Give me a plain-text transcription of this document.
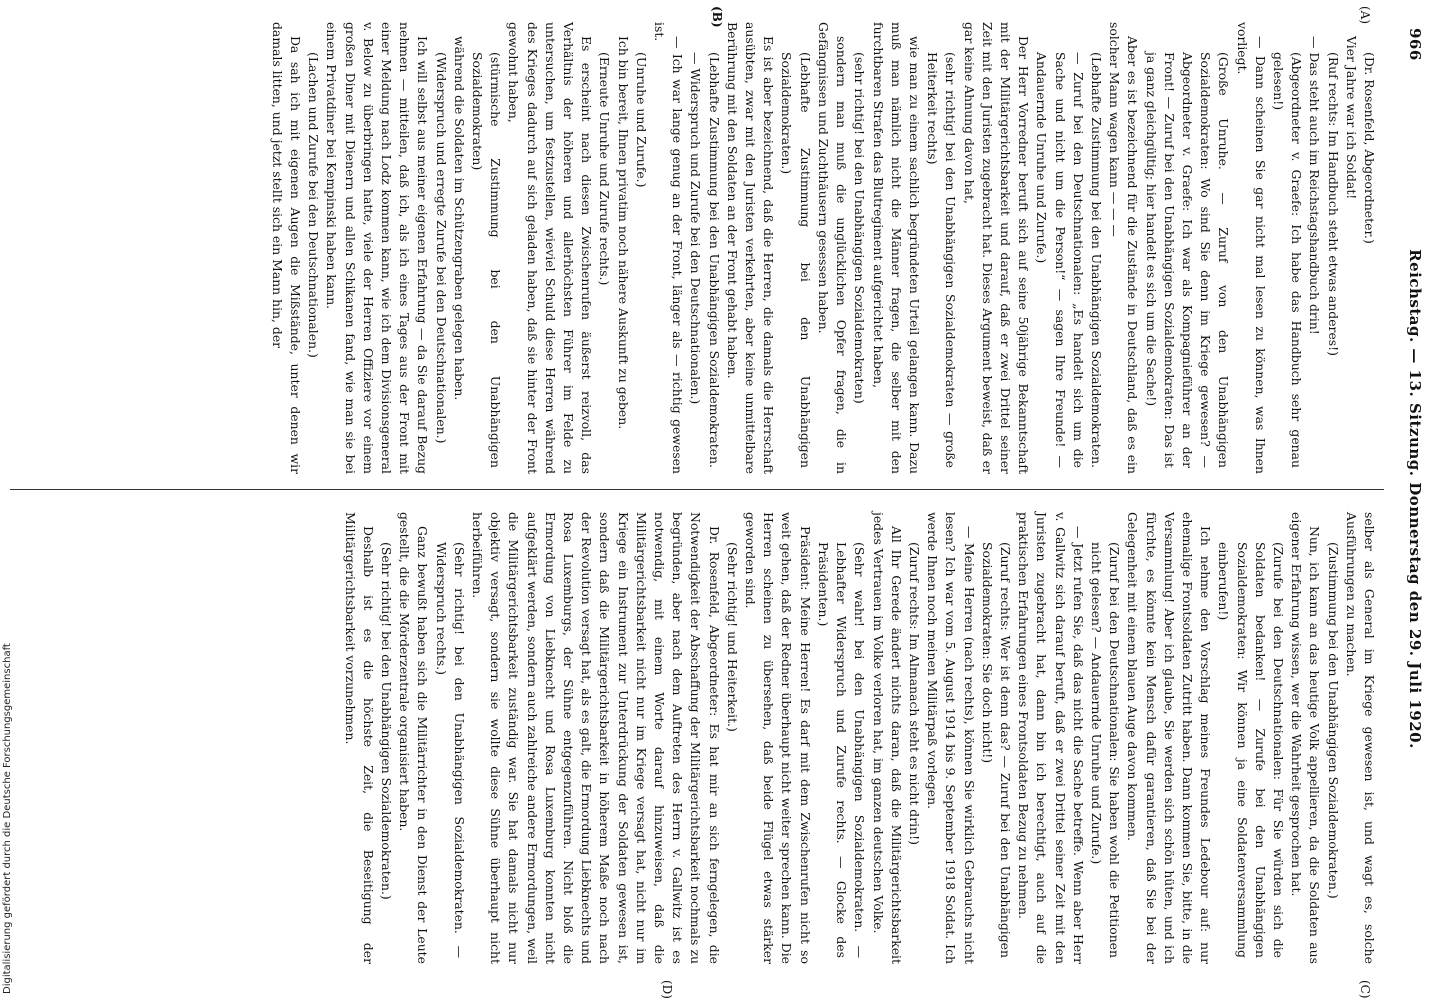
966
Reichstag. — 13. Sitzung. Donnerstag den 29. Juli 1920.
(A)
(B)
(C)
(D)

(Dr. Rosenfeld, Abgeordneter.)

Vier Jahre war ich Soldat!

(Ruf rechts: Im Handbuch steht etwas anderes!)

— Das steht auch im Reichstagshandbuch drin!

(Abgeordneter v. Graefe: Ich habe das Handbuch sehr genau gelesen!)

— Dann scheinen Sie gar nicht mal lesen zu können, was Ihnen vorliegt.

(Große Unruhe. — Zuruf von den Unabhängigen Sozialdemokraten: Wo sind Sie denn im Kriege gewesen? — Abgeordneter v. Graefe: Ich war als Kompagnieführer an der Front! — Zuruf bei den Unabhängigen Sozialdemokraten: Das ist ja ganz gleichgültig; hier handelt es sich um die Sache!)

Aber es ist bezeichnend für die Zustände in Deutschland, daß es ein solcher Mann wagen kann — — —

(Lebhafte Zustimmung bei den Unabhängigen Sozialdemokraten. — Zuruf bei den Deutschnationalen: „Es handelt sich um die Sache und nicht um die Person!“ — sagen Ihre Freunde! — Andauernde Unruhe und Zurufe.)

Der Herr Vorredner beruft sich auf seine 50jährige Bekanntschaft mit der Militärgerichtsbarkeit und darauf, daß er zwei Drittel seiner Zeit mit den Juristen zugebracht hat. Dieses Argument beweist, daß er gar keine Ahnung davon hat,

(sehr richtig! bei den Unabhängigen Sozialdemokraten — große Heiterkeit rechts)

wie man zu einem sachlich begründeten Urteil gelangen kann. Dazu muß man nämlich nicht die Männer fragen, die selber mit den furchtbaren Strafen das Blutregiment aufgerichtet haben,

(sehr richtig! bei den Unabhängigen Sozialdemokraten)

sondern man muß die unglücklichen Opfer fragen, die in Gefängnissen und Zuchthäusern gesessen haben.

(Lebhafte Zustimmung bei den Unabhängigen Sozialdemokraten.)

Es ist aber bezeichnend, daß die Herren, die damals die Herrschaft ausübten, zwar mit den Juristen verkehrten, aber keine unmittelbare Berührung mit den Soldaten an der Front gehabt haben.

(Lebhafte Zustimmung bei den Unabhängigen Sozialdemokraten. — Widerspruch und Zurufe bei den Deutschnationalen.)

— Ich war lange genug an der Front, länger als — richtig gewesen ist.

(Unruhe und Zurufe.)

Ich bin bereit, Ihnen privatim noch nähere Auskunft zu geben.

(Erneute Unruhe und Zurufe rechts.)

Es erscheint nach diesen Zwischenrufen äußerst reizvoll, das Verhältnis der höheren und allerhöchsten Führer im Felde zu untersuchen, um festzustellen, wieviel Schuld diese Herren während des Krieges dadurch auf sich geladen haben, daß sie hinter der Front gewohnt haben,

(stürmische Zustimmung bei den Unabhängigen Sozialdemokraten)

während die Soldaten im Schützengraben gelegen haben.

(Widerspruch und erregte Zurufe bei den Deutschnationalen.)

Ich will selbst aus meiner eigenen Erfahrung — da Sie darauf Bezug nehmen — mitteilen, daß ich, als ich eines Tages aus der Front mit einer Meldung nach Lodz kommen kann, wie ich dem Divisionsgeneral v. Below zu überbringen hatte, viele der Herren Offiziere vor einem großen Diner mit Dienern und allen Schikanen fand, wie man sie bei einem Privatdiner bei Kempinski haben kann.

(Lachen und Zurufe bei den Deutschnationalen.)

Da sah ich mit eigenen Augen die Mißstände, unter denen wir damals litten, und jetzt stellt sich ein Mann hin, der

selber als General im Kriege gewesen ist, und wagt es, solche Ausführungen zu machen.

(Zustimmung bei den Unabhängigen Sozialdemokraten.)

Nun, ich kann an das heutige Volk appellieren, da die Soldaten aus eigener Erfahrung wissen, wer die Wahrheit gesprochen hat.

(Zurufe bei den Deutschnationalen: Für Sie würden sich die Soldaten bedanken! — Zurufe bei den Unabhängigen Sozialdemokraten: Wir können ja eine Soldatenversammlung einberufen!)

Ich nehme den Vorschlag meines Freundes Ledebour auf: nur ehemalige Frontsoldaten Zutritt haben. Dann kommen Sie, bitte, in die Versammlung! Aber ich glaube, Sie werden sich schön hüten, und ich fürchte, es könnte kein Mensch dafür garantieren, daß Sie bei der Gelegenheit mit einem blauen Auge davon kommen.

(Zuruf bei den Deutschnationalen: Sie haben wohl die Petitionen nicht gelesen? — Andauernde Unruhe und Zurufe.)

— Jetzt rufen Sie, daß das nicht die Sache betreffe. Wenn aber Herr v. Gallwitz sich darauf beruft, daß er zwei Drittel seiner Zeit mit den Juristen zugebracht hat, dann bin ich berechtigt, auch auf die praktischen Erfahrungen eines Frontsoldaten Bezug zu nehmen.

(Zuruf rechts: Wer ist denn das? — Zuruf bei den Unabhängigen Sozialdemokraten: Sie doch nicht!)

— Meine Herren (nach rechts), können Sie wirklich Gebrauchs nicht lesen? Ich war vom 5. August 1914 bis 9. September 1918 Soldat. Ich werde Ihnen noch meinen Militärpaß vorlegen.

(Zuruf rechts: Im Almanach steht es nicht drin!)

All Ihr Gerede ändert nichts daran, daß die Militärgerichtsbarkeit jedes Vertrauen im Volke verloren hat, im ganzen deutschen Volke.

(Sehr wahr! bei den Unabhängigen Sozialdemokraten. — Lebhafter Widerspruch und Zurufe rechts. — Glocke des Präsidenten.)

Präsident: Meine Herren! Es darf mit dem Zwischenrufen nicht so weit gehen, daß der Redner überhaupt nicht weiter sprechen kann. Die Herren scheinen zu übersehen, daß beide Flügel etwas stärker geworden sind.

(Sehr richtig! und Heiterkeit.)

Dr. Rosenfeld, Abgeordneter: Es hat mir an sich ferngelegen, die Notwendigkeit der Abschaffung der Militärgerichtsbarkeit nochmals zu begründen, aber nach dem Auftreten des Herrn v. Gallwitz ist es notwendig, mit einem Worte darauf hinzuweisen, daß die Militärgerichtsbarkeit nicht nur im Kriege versagt hat, nicht nur im Kriege ein Instrument zur Unterdrückung der Soldaten gewesen ist, sondern daß die Militärgerichtsbarkeit in höherem Maße noch nach der Revolution versagt hat, als es galt, die Ermordung Liebknechts und Rosa Luxemburgs, der Sühne entgegenzuführen. Nicht bloß die Ermordung von Liebknecht und Rosa Luxemburg konnten nicht aufgeklärt werden, sondern auch zahlreiche andere Ermordungen, weil die Militärgerichtsbarkeit zuständig war. Sie hat damals nicht nur objektiv versagt, sondern sie wollte diese Sühne überhaupt nicht herbeiführen.

(Sehr richtig! bei den Unabhängigen Sozialdemokraten. — Widerspruch rechts.)

Ganz bewußt haben sich die Militärrichter in den Dienst der Leute gestellt, die die Mörderzentrale organisiert haben.

(Sehr richtig! bei den Unabhängigen Sozialdemokraten.)

Deshalb ist es die höchste Zeit, die Beseitigung der Militärgerichtsbarkeit vorzunehmen.

Digitalisierung gefördert durch die Deutsche Forschungsgemeinschaft
